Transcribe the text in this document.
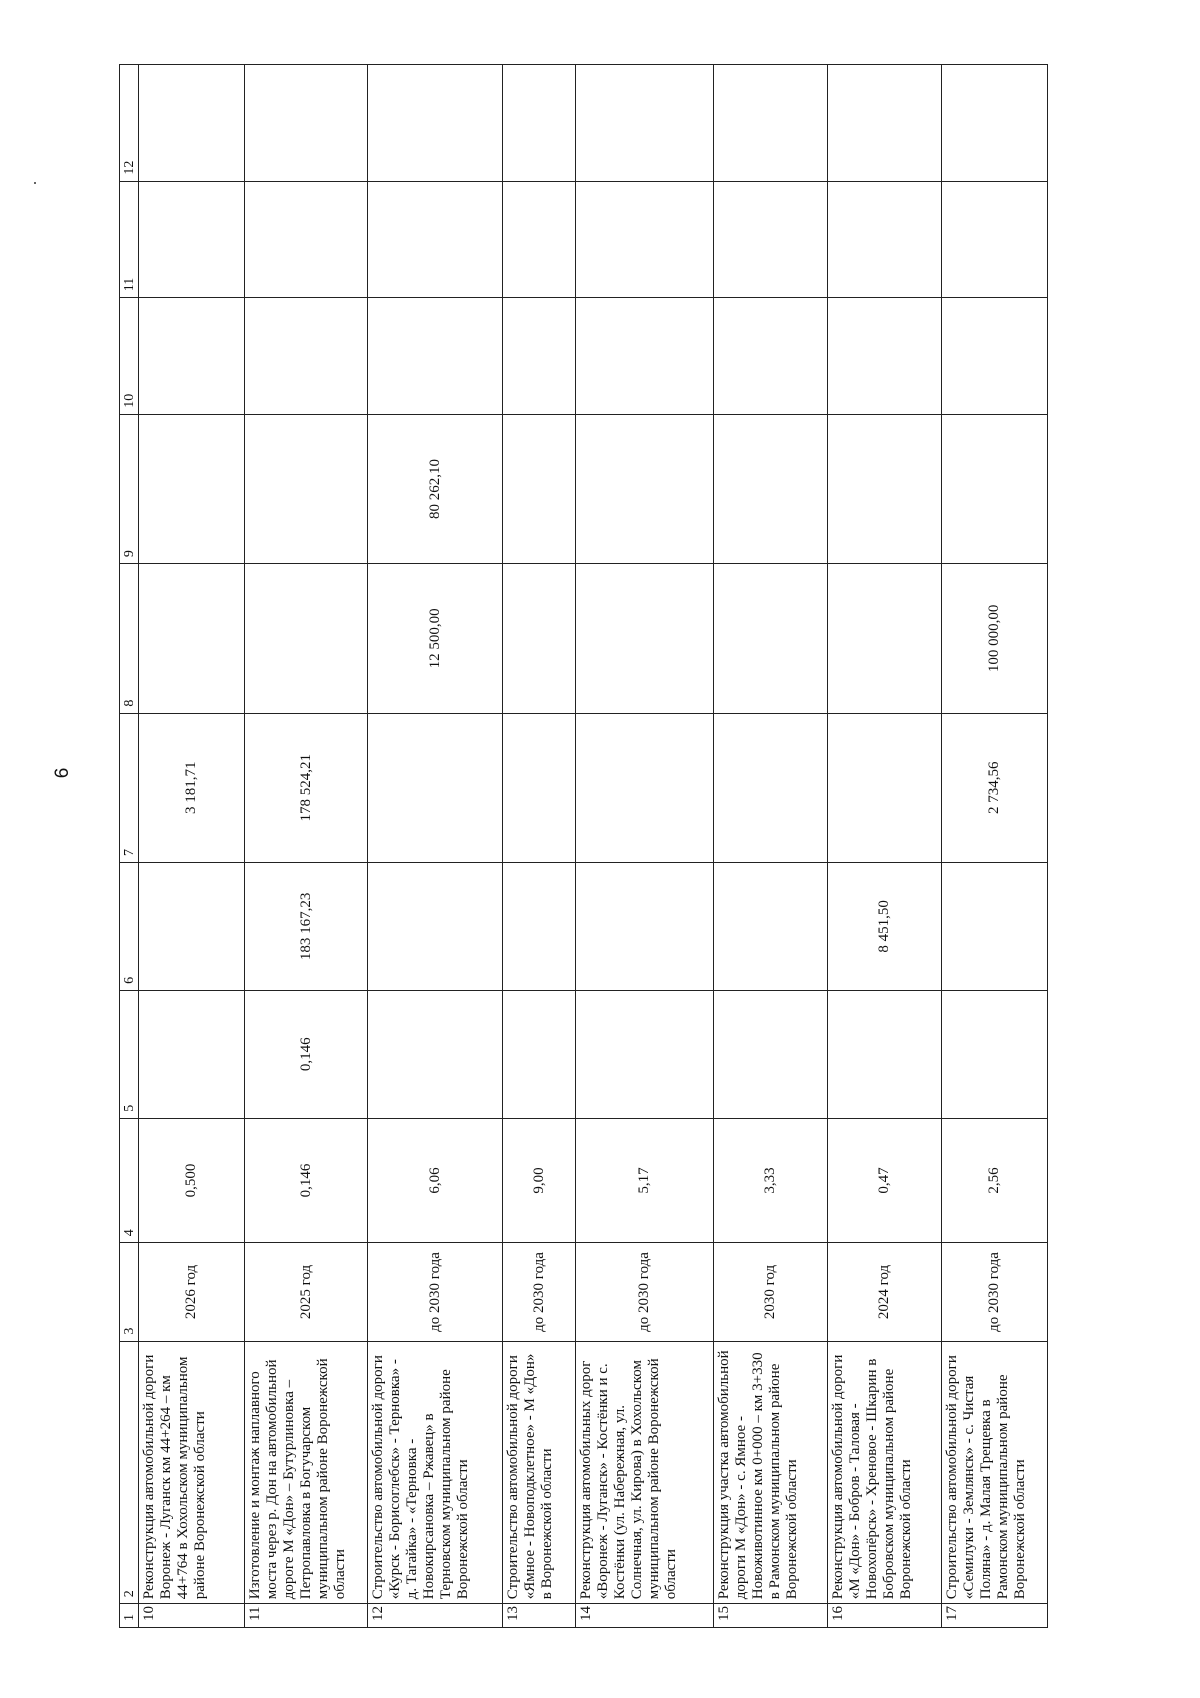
6
1	2	3	4	5	6	7	8	9	10	11	12
10	Реконструкция автомобильной дороги Воронеж - Луганск км 44+264 – км 44+764 в Хохольском муниципальном районе Воронежской области	2026 год	0,500			3 181,71					
11	Изготовление и монтаж наплавного моста через р. Дон на автомобильной дороге М «Дон» – Бутурлиновка – Петропавловка в Богучарском муниципальном районе Воронежской области	2025 год	0,146	0,146	183 167,23	178 524,21					
12	Строительство автомобильной дороги «Курск - Борисоглебск» - Терновка» - д. Тагайка» - «Терновка - Новокирсановка – Ржавец» в Терновском муниципальном районе Воронежской области	до 2030 года	6,06				12 500,00	80 262,10			
13	Строительство автомобильной дороги «Ямное - Новоподклетное» - М «Дон» в Воронежской области	до 2030 года	9,00								
14	Реконструкция автомобильных дорог «Воронеж - Луганск» - Костёнки и с. Костёнки (ул. Набережная, ул. Солнечная, ул. Кирова) в Хохольском муниципальном районе Воронежской области	до 2030 года	5,17								
15	Реконструкция участка автомобильной дороги М «Дон» - с. Ямное - Новоживотинное км 0+000 – км 3+330 в Рамонском муниципальном районе Воронежской области	2030 год	3,33								
16	Реконструкция автомобильной дороги «М «Дон» - Бобров - Таловая - Новохопёрск» - Хреновое - Шкарин в Бобровском муниципальном районе Воронежской области	2024 год	0,47		8 451,50						
17	Строительство автомобильной дороги «Семилуки - Землянск» - с. Чистая Поляна» - д. Малая Трещевка в Рамонском муниципальном районе Воронежской области	до 2030 года	2,56			2 734,56	100 000,00				
